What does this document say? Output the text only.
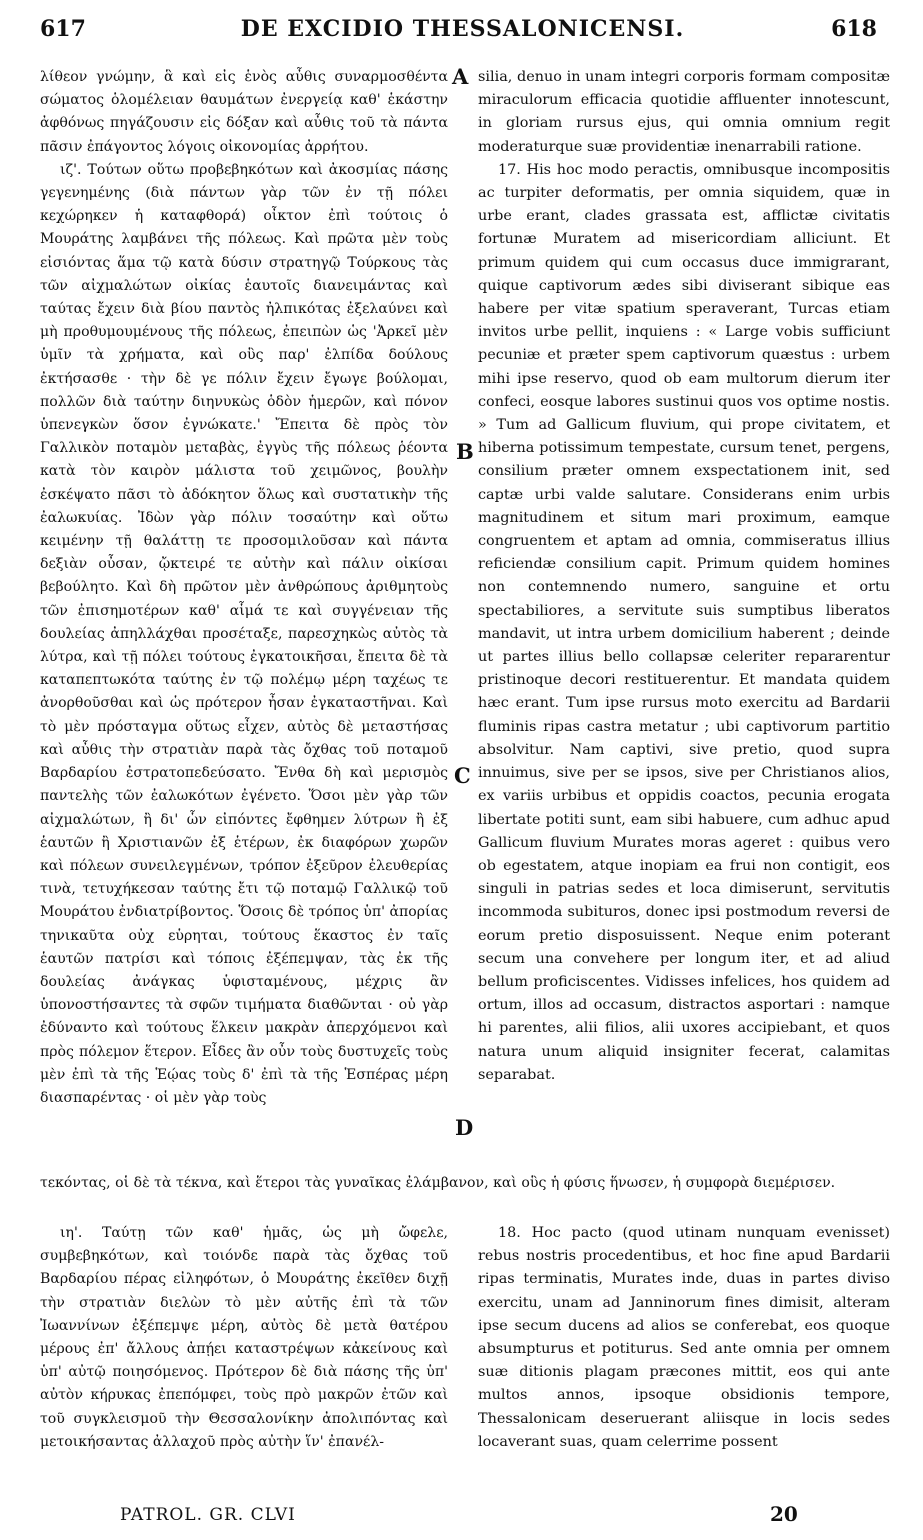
617	DE EXCIDIO THESSALONICENSI.	618

λίθεον γνώμην, ἃ καὶ εἰς ἑνὸς αὖθις συναρμοσθέντα σώματος ὁλομέλειαν θαυμάτων ἐνεργείᾳ καθ' ἑκάστην ἀφθόνως πηγάζουσιν εἰς δόξαν καὶ αὖθις τοῦ τὰ πάντα πᾶσιν ἐπάγοντος λόγοις οἰκονομίας ἀρρήτου.

ιζ'. Τούτων οὕτω προβεβηκότων καὶ ἀκοσμίας πάσης γεγενημένης (διὰ πάντων γὰρ τῶν ἐν τῇ πόλει κεχώρηκεν ἡ καταφθορά) οἶκτον ἐπὶ τούτοις ὁ Μουράτης λαμβάνει τῆς πόλεως. Καὶ πρῶτα μὲν τοὺς εἰσιόντας ἅμα τῷ κατὰ δύσιν στρατηγῷ Τούρκους τὰς τῶν αἰχμαλώτων οἰκίας ἑαυτοῖς διανειμάντας καὶ ταύτας ἔχειν διὰ βίου παντὸς ἠλπικότας ἐξελαύνει καὶ μὴ προθυμουμένους τῆς πόλεως, ἐπειπὼν ὡς 'Ἀρκεῖ μὲν ὑμῖν τὰ χρήματα, καὶ οὓς παρ' ἐλπίδα δούλους ἐκτήσασθε · τὴν δὲ γε πόλιν ἔχειν ἔγωγε βούλομαι, πολλῶν διὰ ταύτην διηνυκὼς ὁδὸν ἡμερῶν, καὶ πόνον ὑπενεγκὼν ὅσον ἐγνώκατε.' Ἔπειτα δὲ πρὸς τὸν Γαλλικὸν ποταμὸν μεταβὰς, ἐγγὺς τῆς πόλεως ῥέοντα κατὰ τὸν καιρὸν μάλιστα τοῦ χειμῶνος, βουλὴν ἐσκέψατο πᾶσι τὸ ἀδόκητον ὅλως καὶ συστατικὴν τῆς ἐαλωκυίας. Ἰδὼν γὰρ πόλιν τοσαύτην καὶ οὕτω κειμένην τῇ θαλάττῃ τε προσομιλοῦσαν καὶ πάντα δεξιὰν οὖσαν, ᾤκτειρέ τε αὐτὴν καὶ πάλιν οἰκίσαι βεβούλητο. Καὶ δὴ πρῶτον μὲν ἀνθρώπους ἀριθμητοὺς τῶν ἐπισημοτέρων καθ' αἷμά τε καὶ συγγένειαν τῆς δουλείας ἀπηλλάχθαι προσέταξε, παρεσχηκὼς αὐτὸς τὰ λύτρα, καὶ τῇ πόλει τούτους ἐγκατοικῆσαι, ἔπειτα δὲ τὰ καταπεπτωκότα ταύτης ἐν τῷ πολέμῳ μέρη ταχέως τε ἀνορθοῦσθαι καὶ ὡς πρότερον ἦσαν ἐγκαταστῆναι. Καὶ τὸ μὲν πρόσταγμα οὕτως εἶχεν, αὐτὸς δὲ μεταστήσας καὶ αὖθις τὴν στρατιὰν παρὰ τὰς ὄχθας τοῦ ποταμοῦ Βαρδαρίου ἐστρατοπεδεύσατο. Ἔνθα δὴ καὶ μερισμὸς παντελὴς τῶν ἐαλωκότων ἐγένετο. Ὅσοι μὲν γὰρ τῶν αἰχμαλώτων, ἢ δι' ὧν εἰπόντες ἔφθημεν λύτρων ἢ ἐξ ἑαυτῶν ἢ Χριστιανῶν ἐξ ἑτέρων, ἐκ διαφόρων χωρῶν καὶ πόλεων συνειλεγμένων, τρόπον ἐξεῦρον ἐλευθερίας τινὰ, τετυχήκεσαν ταύτης ἔτι τῷ ποταμῷ Γαλλικῷ τοῦ Μουράτου ἐνδιατρίβοντος. Ὅσοις δὲ τρόπος ὑπ' ἀπορίας τηνικαῦτα οὐχ εὑρηται, τούτους ἕκαστος ἐν ταῖς ἑαυτῶν πατρίσι καὶ τόποις ἐξέπεμψαν, τὰς ἐκ τῆς δουλείας ἀνάγκας ὑφισταμένους, μέχρις ἂν ὑπονοστήσαντες τὰ σφῶν τιμήματα διαθῶνται · οὐ γὰρ ἐδύναντο καὶ τούτους ἕλκειν μακρὰν ἀπερχόμενοι καὶ πρὸς πόλεμον ἕτερον. Εἶδες ἂν οὖν τοὺς δυστυχεῖς τοὺς μὲν ἐπὶ τὰ τῆς Ἑῴας τοὺς δ' ἐπὶ τὰ τῆς Ἑσπέρας μέρη διασπαρέντας · οἱ μὲν γὰρ τοὺς

silia, denuo in unam integri corporis formam compositæ miraculorum efficacia quotidie affluenter innotescunt, in gloriam rursus ejus, qui omnia omnium regit moderaturque suæ providentiæ inenarrabili ratione.

17. His hoc modo peractis, omnibusque incompositis ac turpiter deformatis, per omnia siquidem, quæ in urbe erant, clades grassata est, afflictæ civitatis fortunæ Muratem ad misericordiam alliciunt. Et primum quidem qui cum occasus duce immigrarant, quique captivorum ædes sibi diviserant sibique eas habere per vitæ spatium speraverant, Turcas etiam invitos urbe pellit, inquiens : « Large vobis sufficiunt pecuniæ et præter spem captivorum quæstus : urbem mihi ipse reservo, quod ob eam multorum dierum iter confeci, eosque labores sustinui quos vos optime nostis. » Tum ad Gallicum fluvium, qui prope civitatem, et hiberna potissimum tempestate, cursum tenet, pergens, consilium præter omnem exspectationem init, sed captæ urbi valde salutare. Considerans enim urbis magnitudinem et situm mari proximum, eamque congruentem et aptam ad omnia, commiseratus illius reficiendæ consilium capit. Primum quidem homines non contemnendo numero, sanguine et ortu spectabiliores, a servitute suis sumptibus liberatos mandavit, ut intra urbem domicilium haberent ; deinde ut partes illius bello collapsæ celeriter repararentur pristinoque decori restituerentur. Et mandata quidem hæc erant. Tum ipse rursus moto exercitu ad Bardarii fluminis ripas castra metatur ; ubi captivorum partitio absolvitur. Nam captivi, sive pretio, quod supra innuimus, sive per se ipsos, sive per Christianos alios, ex variis urbibus et oppidis coactos, pecunia erogata libertate potiti sunt, eam sibi habuere, cum adhuc apud Gallicum fluvium Murates moras ageret : quibus vero ob egestatem, atque inopiam ea frui non contigit, eos singuli in patrias sedes et loca dimiserunt, servitutis incommoda subituros, donec ipsi postmodum reversi de eorum pretio disposuissent. Neque enim poterant secum una convehere per longum iter, et ad aliud bellum proficiscentes. Vidisses infelices, hos quidem ad ortum, illos ad occasum, distractos asportari : namque hi parentes, alii filios, alii uxores accipiebant, et quos natura unum aliquid insigniter fecerat, calamitas separabat.

τεκόντας, οἱ δὲ τὰ τέκνα, καὶ ἕτεροι τὰς γυναῖκας ἐλάμβανον, καὶ οὓς ἡ φύσις ἥνωσεν, ἡ συμφορὰ διεμέρισεν.

ιη'. Ταύτῃ τῶν καθ' ἡμᾶς, ὡς μὴ ὤφελε, συμβεβηκότων, καὶ τοιόνδε παρὰ τὰς ὄχθας τοῦ Βαρδαρίου πέρας εἰληφότων, ὁ Μουράτης ἐκεῖθεν διχῇ τὴν στρατιὰν διελὼν τὸ μὲν αὐτῆς ἐπὶ τὰ τῶν Ἰωαννίνων ἐξέπεμψε μέρη, αὐτὸς δὲ μετὰ θατέρου μέρους ἐπ' ἄλλους ἀπῄει καταστρέψων κἀκείνους καὶ ὑπ' αὐτῷ ποιησόμενος. Πρότερον δὲ διὰ πάσης τῆς ὑπ' αὐτὸν κήρυκας ἐπεπόμφει, τοὺς πρὸ μακρῶν ἐτῶν καὶ τοῦ συγκλεισμοῦ τὴν Θεσσαλονίκην ἀπολιπόντας καὶ μετοικήσαντας ἀλλαχοῦ πρὸς αὐτὴν ἵν' ἐπανέλ-

18. Hoc pacto (quod utinam nunquam evenisset) rebus nostris procedentibus, et hoc fine apud Bardarii ripas terminatis, Murates inde, duas in partes diviso exercitu, unam ad Janninorum fines dimisit, alteram ipse secum ducens ad alios se conferebat, eos quoque absumpturus et potiturus. Sed ante omnia per omnem suæ ditionis plagam præcones mittit, eos qui ante multos annos, ipsoque obsidionis tempore, Thessalonicam deseruerant aliisque in locis sedes locaverant suas, quam celerrime possent

A
B
C
D
PATROL. GR. CLVI	20
